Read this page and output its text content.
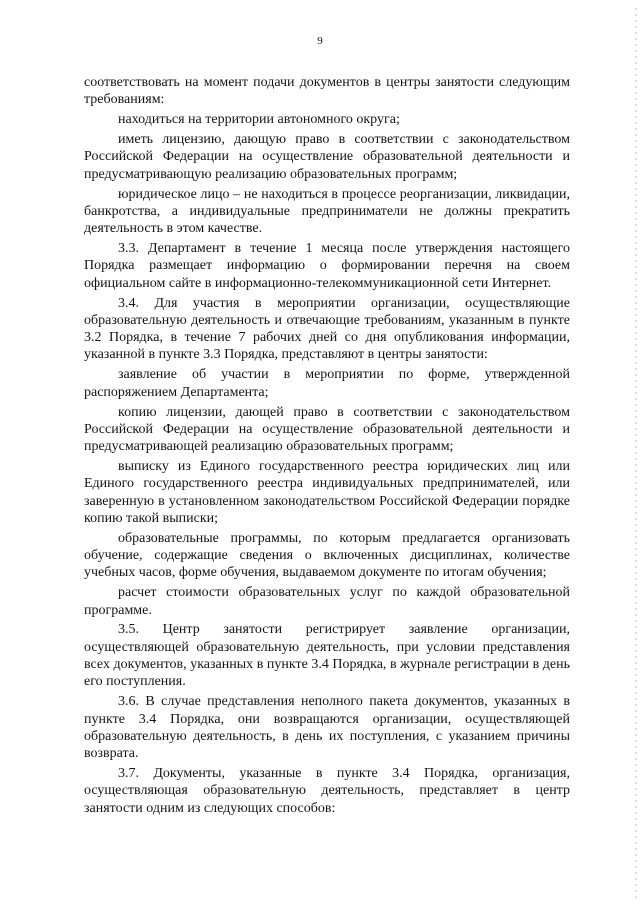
9

соответствовать на момент подачи документов в центры занятости следующим требованиям:

находиться на территории автономного округа;

иметь лицензию, дающую право в соответствии с законодательством Российской Федерации на осуществление образовательной деятельности и предусматривающую реализацию образовательных программ;

юридическое лицо – не находиться в процессе реорганизации, ликвидации, банкротства, а индивидуальные предприниматели не должны прекратить деятельность в этом качестве.

3.3. Департамент в течение 1 месяца после утверждения настоящего Порядка размещает информацию о формировании перечня на своем официальном сайте в информационно-телекоммуникационной сети Интернет.

3.4. Для участия в мероприятии организации, осуществляющие образовательную деятельность и отвечающие требованиям, указанным в пункте 3.2 Порядка, в течение 7 рабочих дней со дня опубликования информации, указанной в пункте 3.3 Порядка, представляют в центры занятости:

заявление об участии в мероприятии по форме, утвержденной распоряжением Департамента;

копию лицензии, дающей право в соответствии с законодательством Российской Федерации на осуществление образовательной деятельности и предусматривающей реализацию образовательных программ;

выписку из Единого государственного реестра юридических лиц или Единого государственного реестра индивидуальных предпринимателей, или заверенную в установленном законодательством Российской Федерации порядке копию такой выписки;

образовательные программы, по которым предлагается организовать обучение, содержащие сведения о включенных дисциплинах, количестве учебных часов, форме обучения, выдаваемом документе по итогам обучения;

расчет стоимости образовательных услуг по каждой образовательной программе.

3.5. Центр занятости регистрирует заявление организации, осуществляющей образовательную деятельность, при условии представления всех документов, указанных в пункте 3.4 Порядка, в журнале регистрации в день его поступления.

3.6. В случае представления неполного пакета документов, указанных в пункте 3.4 Порядка, они возвращаются организации, осуществляющей образовательную деятельность, в день их поступления, с указанием причины возврата.

3.7. Документы, указанные в пункте 3.4 Порядка, организация, осуществляющая образовательную деятельность, представляет в центр занятости одним из следующих способов:
